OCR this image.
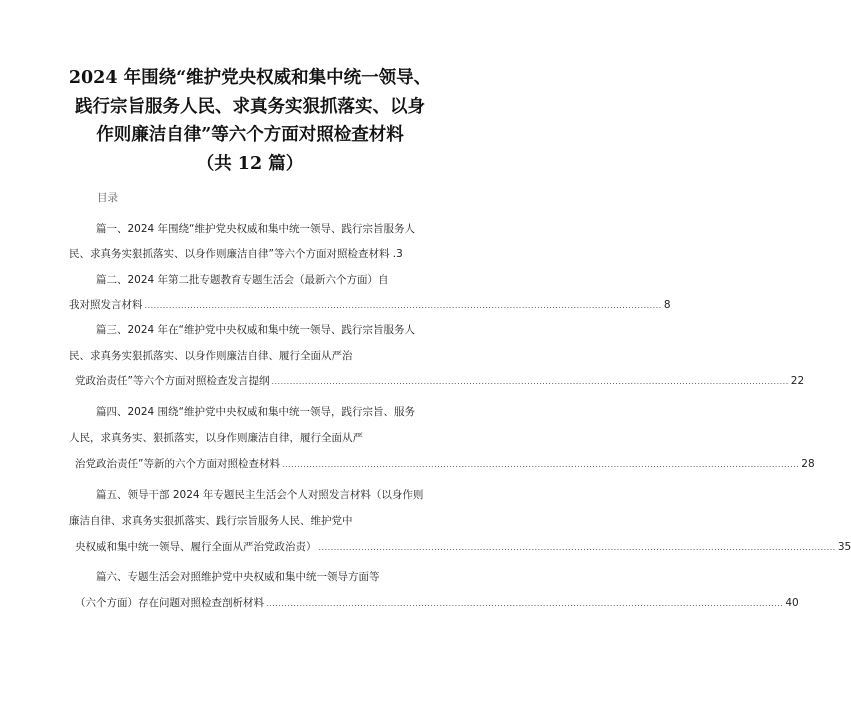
2024 年围绕“维护党央权威和集中统一领导、
践行宗旨服务人民、求真务实狠抓落实、以身
作则廉洁自律”等六个方面对照检查材料
（共 12 篇）
目录
篇一、2024 年围绕“维护党央权威和集中统一领导、践行宗旨服务人
民、求真务实狠抓落实、以身作则廉洁自律”等六个方面对照检查材料 .3
篇二、2024 年第二批专题教育专题生活会（最新六个方面）自
我对照发言材料 .......................................................................................................................................................................... 8
篇三、2024 年在“维护党中央权威和集中统一领导、践行宗旨服务人
民、求真务实狠抓落实、以身作则廉洁自律、履行全面从严治
党政治责任”等六个方面对照检查发言提纲 .......................................................................................................................................................................... 22
篇四、2024 围绕“维护党中央权威和集中统一领导，践行宗旨、服务
人民，求真务实、狠抓落实，以身作则廉洁自律，履行全面从严
治党政治责任”等新的六个方面对照检查材料 .......................................................................................................................................................................... 28
篇五、领导干部 2024 年专题民主生活会个人对照发言材料（以身作则
廉洁自律、求真务实狠抓落实、践行宗旨服务人民、维护党中
央权威和集中统一领导、履行全面从严治党政治责） .......................................................................................................................................................................... 35
篇六、专题生活会对照维护党中央权威和集中统一领导方面等
（六个方面）存在问题对照检查剖析材料 .......................................................................................................................................................................... 40
